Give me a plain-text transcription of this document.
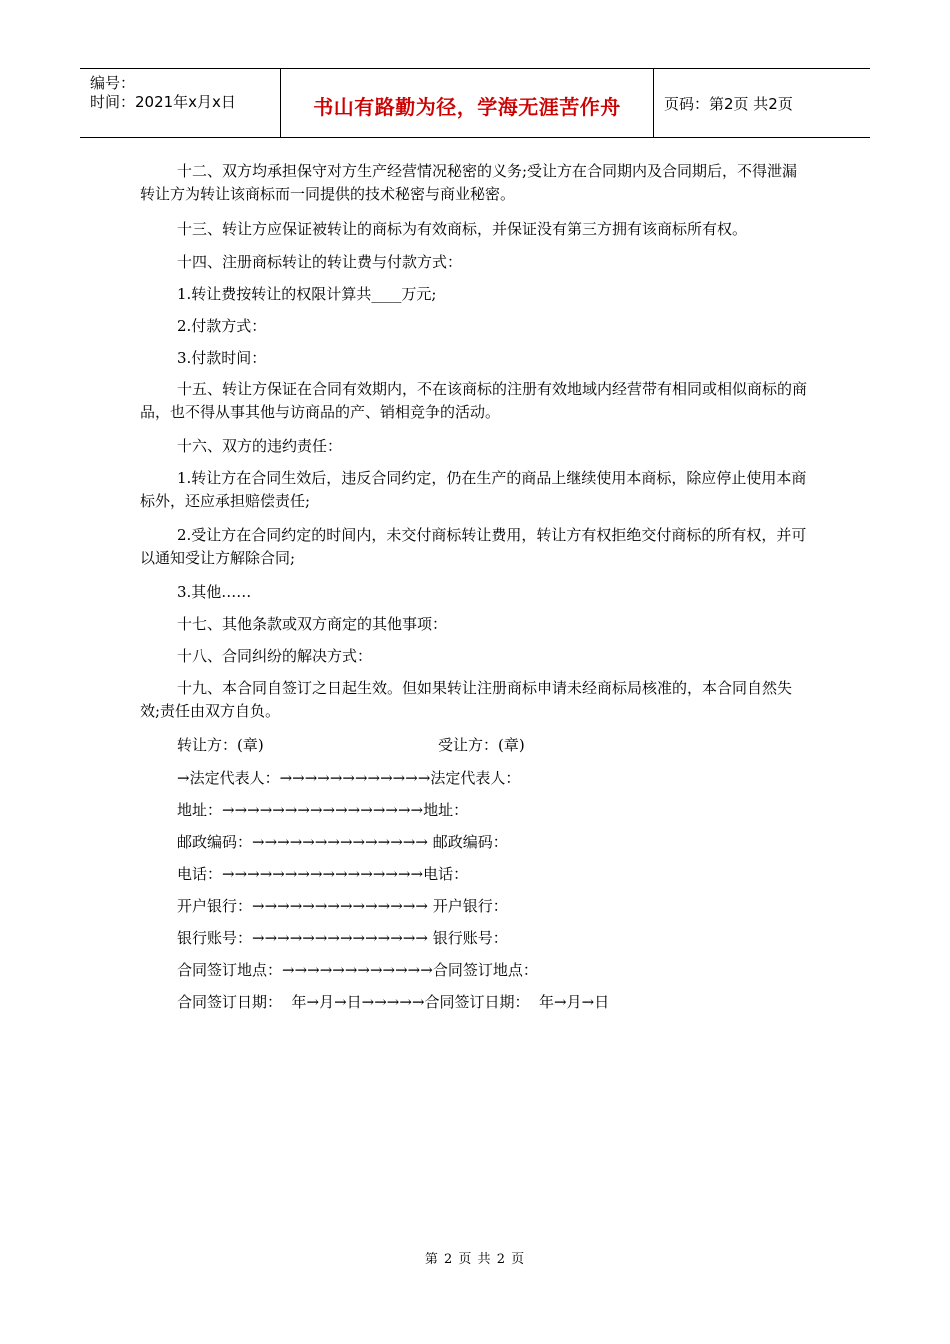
编号：
时间：2021年x月x日	书山有路勤为径，学海无涯苦作舟	页码：第2页 共2页

十二、双方均承担保守对方生产经营情况秘密的义务;受让方在合同期内及合同期后，不得泄漏转让方为转让该商标而一同提供的技术秘密与商业秘密。

十三、转让方应保证被转让的商标为有效商标，并保证没有第三方拥有该商标所有权。

十四、注册商标转让的转让费与付款方式：

1.转让费按转让的权限计算共____万元;

2.付款方式：

3.付款时间：

十五、转让方保证在合同有效期内，不在该商标的注册有效地域内经营带有相同或相似商标的商品，也不得从事其他与访商品的产、销相竞争的活动。

十六、双方的违约责任：

1.转让方在合同生效后，违反合同约定，仍在生产的商品上继续使用本商标，除应停止使用本商标外，还应承担赔偿责任;

2.受让方在合同约定的时间内，未交付商标转让费用，转让方有权拒绝交付商标的所有权，并可以通知受让方解除合同;

3.其他……

十七、其他条款或双方商定的其他事项：

十八、合同纠纷的解决方式：

十九、本合同自签订之日起生效。但如果转让注册商标申请未经商标局核准的，本合同自然失效;责任由双方自负。

转让方：(章)	受让方：(章)
→法定代表人：→→→→→→→→→→→→法定代表人：
地址：→→→→→→→→→→→→→→→→地址：
邮政编码：→→→→→→→→→→→→→→ 邮政编码：
电话：→→→→→→→→→→→→→→→→电话：
开户银行：→→→→→→→→→→→→→→ 开户银行：
银行账号：→→→→→→→→→→→→→→ 银行账号：
合同签订地点：→→→→→→→→→→→→合同签订地点：
合同签订日期：  年→月→日→→→→→合同签订日期：  年→月→日
第 2 页 共 2 页
